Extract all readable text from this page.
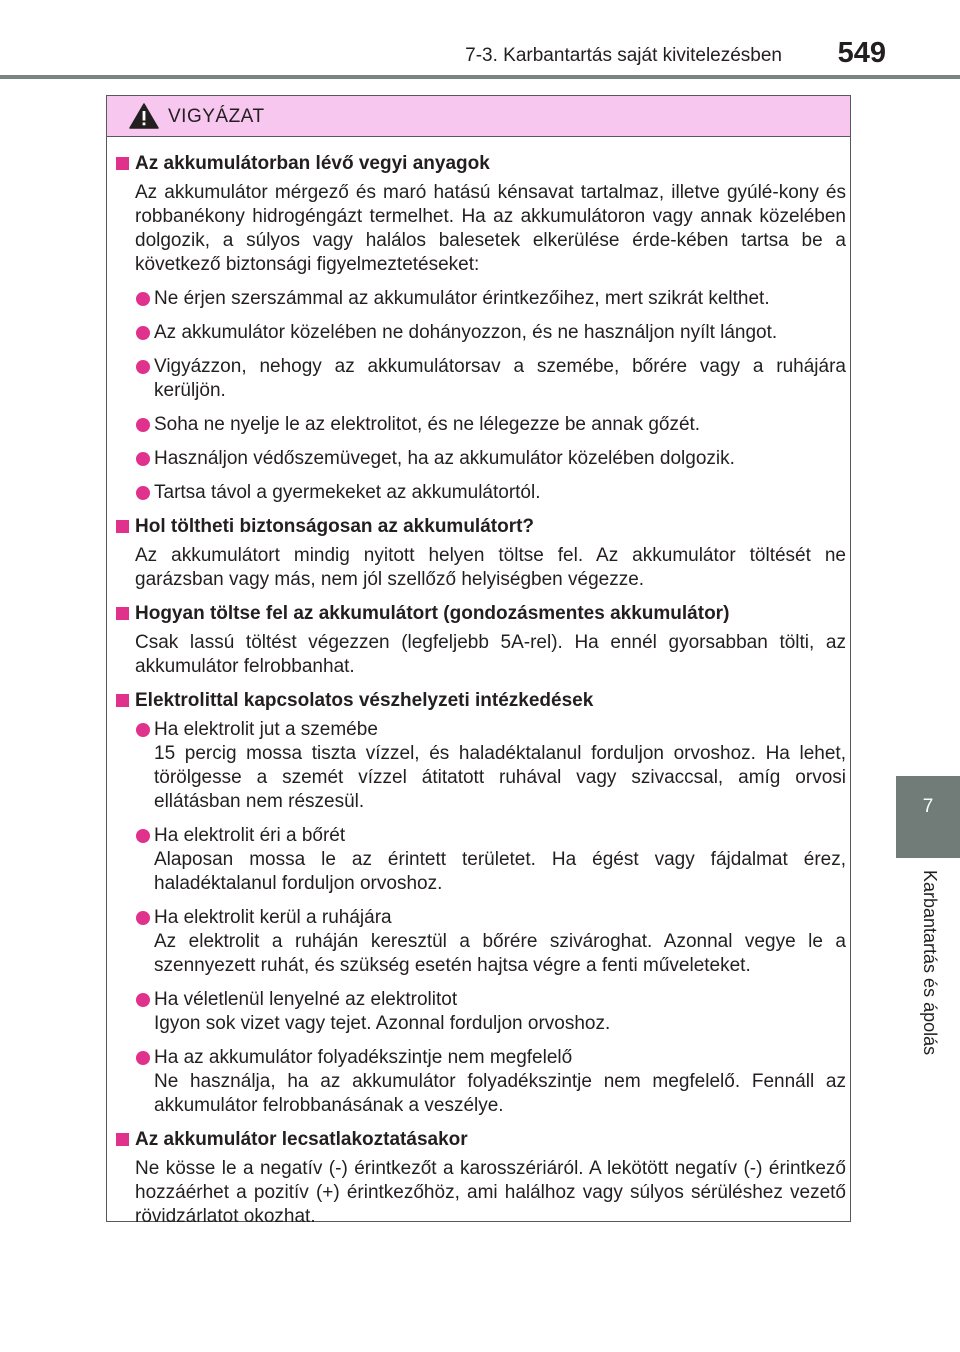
7-3. Karbantartás saját kivitelezésben 549
7
Karbantartás és ápolás
VIGYÁZAT
Az akkumulátorban lévő vegyi anyagok
Az akkumulátor mérgező és maró hatású kénsavat tartalmaz, illetve gyúlé-kony és robbanékony hidrogéngázt termelhet. Ha az akkumulátoron vagy annak közelében dolgozik, a súlyos vagy halálos balesetek elkerülése érde-kében tartsa be a következő biztonsági figyelmeztetéseket:
Ne érjen szerszámmal az akkumulátor érintkezőihez, mert szikrát kelthet.
Az akkumulátor közelében ne dohányozzon, és ne használjon nyílt lángot.
Vigyázzon, nehogy az akkumulátorsav a szemébe, bőrére vagy a ruhájára kerüljön.
Soha ne nyelje le az elektrolitot, és ne lélegezze be annak gőzét.
Használjon védőszemüveget, ha az akkumulátor közelében dolgozik.
Tartsa távol a gyermekeket az akkumulátortól.
Hol töltheti biztonságosan az akkumulátort?
Az akkumulátort mindig nyitott helyen töltse fel. Az akkumulátor töltését ne garázsban vagy más, nem jól szellőző helyiségben végezze.
Hogyan töltse fel az akkumulátort (gondozásmentes akkumulátor)
Csak lassú töltést végezzen (legfeljebb 5A-rel). Ha ennél gyorsabban tölti, az akkumulátor felrobbanhat.
Elektrolittal kapcsolatos vészhelyzeti intézkedések
Ha elektrolit jut a szemébe
15 percig mossa tiszta vízzel, és haladéktalanul forduljon orvoshoz. Ha lehet, törölgesse a szemét vízzel átitatott ruhával vagy szivaccsal, amíg orvosi ellátásban nem részesül.
Ha elektrolit éri a bőrét
Alaposan mossa le az érintett területet. Ha égést vagy fájdalmat érez, haladéktalanul forduljon orvoshoz.
Ha elektrolit kerül a ruhájára
Az elektrolit a ruháján keresztül a bőrére szivároghat. Azonnal vegye le a szennyezett ruhát, és szükség esetén hajtsa végre a fenti műveleteket.
Ha véletlenül lenyelné az elektrolitot
Igyon sok vizet vagy tejet. Azonnal forduljon orvoshoz.
Ha az akkumulátor folyadékszintje nem megfelelő
Ne használja, ha az akkumulátor folyadékszintje nem megfelelő. Fennáll az akkumulátor felrobbanásának a veszélye.
Az akkumulátor lecsatlakoztatásakor
Ne kösse le a negatív (-) érintkezőt a karosszériáról. A lekötött negatív (-) érintkező hozzáérhet a pozitív (+) érintkezőhöz, ami halálhoz vagy súlyos sérüléshez vezető rövidzárlatot okozhat.
